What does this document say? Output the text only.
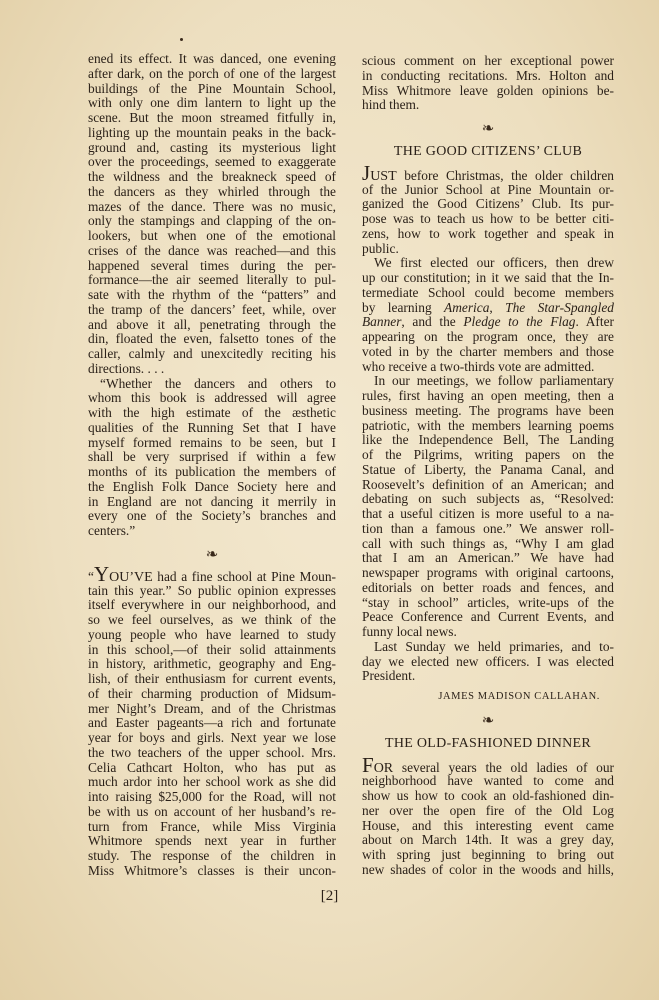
ened its effect. It was danced, one evening
after dark, on the porch of one of the largest
buildings of the Pine Mountain School,
with only one dim lantern to light up the
scene. But the moon streamed fitfully in,
lighting up the mountain peaks in the back-
ground and, casting its mysterious light
over the proceedings, seemed to exaggerate
the wildness and the breakneck speed of
the dancers as they whirled through the
mazes of the dance. There was no music,
only the stampings and clapping of the on-
lookers, but when one of the emotional
crises of the dance was reached—and this
happened several times during the per-
formance—the air seemed literally to pul-
sate with the rhythm of the “patters” and
the tramp of the dancers’ feet, while, over
and above it all, penetrating through the
din, floated the even, falsetto tones of the
caller, calmly and unexcitedly reciting his
directions. . . .
“Whether the dancers and others to
whom this book is addressed will agree
with the high estimate of the æsthetic
qualities of the Running Set that I have
myself formed remains to be seen, but I
shall be very surprised if within a few
months of its publication the members of
the English Folk Dance Society here and
in England are not dancing it merrily in
every one of the Society’s branches and
centers.”
❧
“YOU’VE had a fine school at Pine Moun-
tain this year.” So public opinion expresses
itself everywhere in our neighborhood, and
so we feel ourselves, as we think of the
young people who have learned to study
in this school,—of their solid attainments
in history, arithmetic, geography and Eng-
lish, of their enthusiasm for current events,
of their charming production of Midsum-
mer Night’s Dream, and of the Christmas
and Easter pageants—a rich and fortunate
year for boys and girls. Next year we lose
the two teachers of the upper school. Mrs.
Celia Cathcart Holton, who has put as
much ardor into her school work as she did
into raising $25,000 for the Road, will not
be with us on account of her husband’s re-
turn from France, while Miss Virginia
Whitmore spends next year in further
study. The response of the children in
Miss Whitmore’s classes is their uncon-
scious comment on her exceptional power
in conducting recitations. Mrs. Holton and
Miss Whitmore leave golden opinions be-
hind them.
❧
THE GOOD CITIZENS’ CLUB
JUST before Christmas, the older children
of the Junior School at Pine Mountain or-
ganized the Good Citizens’ Club. Its pur-
pose was to teach us how to be better citi-
zens, how to work together and speak in
public.
We first elected our officers, then drew
up our constitution; in it we said that the In-
termediate School could become members
by learning America, The Star-Spangled
Banner, and the Pledge to the Flag. After
appearing on the program once, they are
voted in by the charter members and those
who receive a two-thirds vote are admitted.
In our meetings, we follow parliamentary
rules, first having an open meeting, then a
business meeting. The programs have been
patriotic, with the members learning poems
like the Independence Bell, The Landing
of the Pilgrims, writing papers on the
Statue of Liberty, the Panama Canal, and
Roosevelt’s definition of an American; and
debating on such subjects as, “Resolved:
that a useful citizen is more useful to a na-
tion than a famous one.” We answer roll-
call with such things as, “Why I am glad
that I am an American.” We have had
newspaper programs with original cartoons,
editorials on better roads and fences, and
“stay in school” articles, write-ups of the
Peace Conference and Current Events, and
funny local news.
Last Sunday we held primaries, and to-
day we elected new officers. I was elected
President.
JAMES MADISON CALLAHAN.
❧
THE OLD-FASHIONED DINNER
FOR several years the old ladies of our
neighborhood have wanted to come and
show us how to cook an old-fashioned din-
ner over the open fire of the Old Log
House, and this interesting event came
about on March 14th. It was a grey day,
with spring just beginning to bring out
new shades of color in the woods and hills,
[2]
